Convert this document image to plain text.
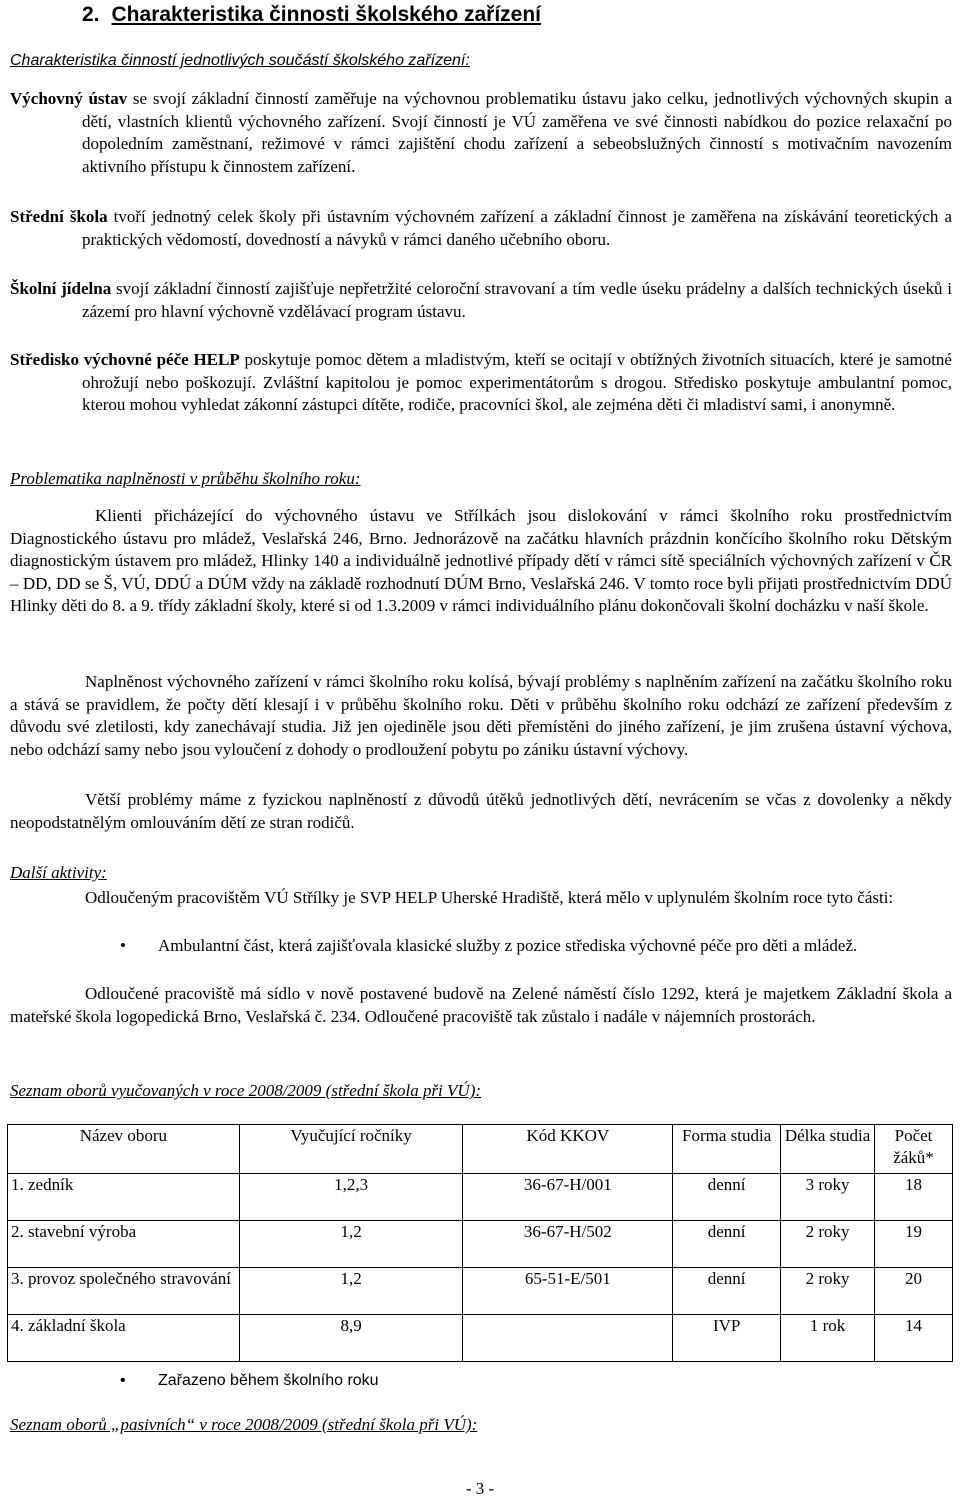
2. Charakteristika činnosti školského zařízení
Charakteristika činností jednotlivých součástí školského zařízení:

Výchovný ústav se svojí základní činností zaměřuje na výchovnou problematiku ústavu jako celku, jednotlivých výchovných skupin a dětí, vlastních klientů výchovného zařízení. Svojí činností je VÚ zaměřena ve své činnosti nabídkou do pozice relaxační po dopoledním zaměstnaní, režimové v rámci zajištění chodu zařízení a sebeobslužných činností s motivačním navozením aktivního přístupu k činnostem zařízení.

Střední škola tvoří jednotný celek školy při ústavním výchovném zařízení a základní činnost je zaměřena na získávání teoretických a praktických vědomostí, dovedností a návyků v rámci daného učebního oboru.

Školní jídelna svojí základní činností zajišťuje nepřetržité celoroční stravovaní a tím vedle úseku prádelny a dalších technických úseků i zázemí pro hlavní výchovně vzdělávací program ústavu.

Středisko výchovné péče HELP poskytuje pomoc dětem a mladistvým, kteří se ocitají v obtížných životních situacích, které je samotné ohrožují nebo poškozují. Zvláštní kapitolou je pomoc experimentátorům s drogou. Středisko poskytuje ambulantní pomoc, kterou mohou vyhledat zákonní zástupci dítěte, rodiče, pracovníci škol, ale zejména děti či mladiství sami, i anonymně.

Problematika naplněnosti v průběhu školního roku:

Klienti přicházející do výchovného ústavu ve Střílkách jsou dislokování v rámci školního roku prostřednictvím Diagnostického ústavu pro mládež, Veslařská 246, Brno. Jednorázově na začátku hlavních prázdnin končícího školního roku Dětským diagnostickým ústavem pro mládež, Hlinky 140 a individuálně jednotlivé případy dětí v rámci sítě speciálních výchovných zařízení v ČR – DD, DD se Š, VÚ, DDÚ a DÚM vždy na základě rozhodnutí DÚM Brno, Veslařská 246. V tomto roce byli přijati prostřednictvím DDÚ Hlinky děti do 8. a 9. třídy základní školy, které si od 1.3.2009 v rámci individuálního plánu dokončovali školní docházku v naší škole.

Naplněnost výchovného zařízení v rámci školního roku kolísá, bývají problémy s naplněním zařízení na začátku školního roku a stává se pravidlem, že počty dětí klesají i v průběhu školního roku. Děti v průběhu školního roku odchází ze zařízení především z důvodu své zletilosti, kdy zanechávají studia. Již jen ojediněle jsou děti přemístěni do jiného zařízení, je jim zrušena ústavní výchova, nebo odchází samy nebo jsou vyloučení z dohody o prodloužení pobytu po zániku ústavní výchovy.

Větší problémy máme z fyzickou naplněností z důvodů útěků jednotlivých dětí, nevrácením se včas z dovolenky a někdy neopodstatnělým omlouváním dětí ze stran rodičů.

Další aktivity:

Odloučeným pracovištěm VÚ Střílky je SVP HELP Uherské Hradiště, která mělo v uplynulém školním roce tyto části:

• Ambulantní část, která zajišťovala klasické služby z pozice střediska výchovné péče pro děti a mládež.

Odloučené pracoviště má sídlo v nově postavené budově na Zelené náměstí číslo 1292, která je majetkem Základní škola a mateřské škola logopedická Brno, Veslařská č. 234. Odloučené pracoviště tak zůstalo i nadále v nájemních prostorách.

Seznam oborů vyučovaných v roce 2008/2009 (střední škola při VÚ):
Název oboru	Vyučující ročníky	Kód KKOV	Forma studia	Délka studia	Počet žáků*
1. zedník	1,2,3	36-67-H/001	denní	3 roky	18
2. stavební výroba	1,2	36-67-H/502	denní	2 roky	19
3. provoz společného stravování	1,2	65-51-E/501	denní	2 roky	20
4. základní škola	8,9		IVP	1 rok	14
• Zařazeno během školního roku
Seznam oborů „pasivních“ v roce 2008/2009 (střední škola při VÚ):
- 3 -
